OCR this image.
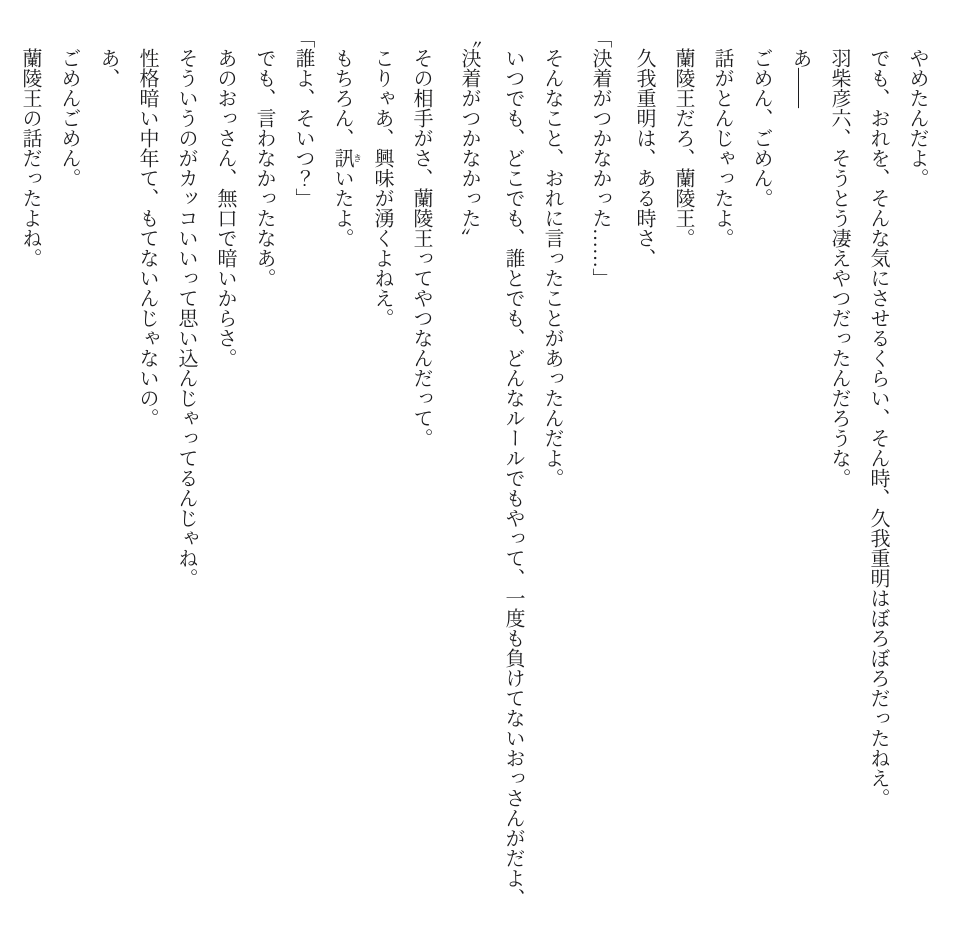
やめたんだよ。

でも、おれを、そんな気にさせるくらい、そん時、久我重明はぼろぼろだったねえ。

羽柴彦六、そうとう凄えやつだったんだろうな。

あ――

ごめん、ごめん。

話がとんじゃったよ。

蘭陵王だろ、蘭陵王。

久我重明は、ある時さ、

「決着がつかなかった……」

そんなこと、おれに言ったことがあったんだよ。

いつでも、どこでも、誰とでも、どんなルールでもやって、一度も負けてないおっさんがだよ、

〝決着がつかなかった〟

その相手がさ、蘭陵王ってやつなんだって。

こりゃあ、興味が湧くよねえ。

もちろん、訊 きいたよ。

「誰よ、そいつ？」

でも、言わなかったなあ。

あのおっさん、無口で暗いからさ。

そういうのがカッコいいって思い込んじゃってるんじゃね。

性格暗い中年て、もてないんじゃないの。

あ、

ごめんごめん。

蘭陵王の話だったよね。
